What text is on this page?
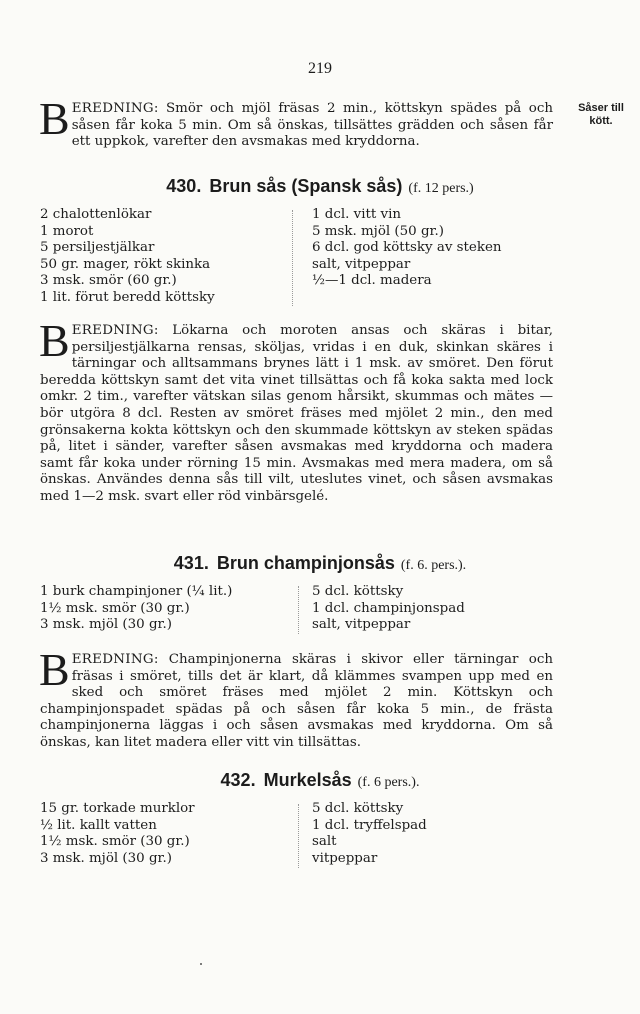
219
Såser till kött.
BEREDNING: Smör och mjöl fräsas 2 min., köttskyn spädes på och såsen får koka 5 min. Om så önskas, tillsättes grädden och såsen får ett uppkok, varefter den avsmakas med kryddorna.
430. Brun sås (Spansk sås) (f. 12 pers.)
2 chalottenlökar
1 morot
5 persiljestjälkar
50 gr. mager, rökt skinka
3 msk. smör (60 gr.)
1 lit. förut beredd köttsky
1 dcl. vitt vin
5 msk. mjöl (50 gr.)
6 dcl. god köttsky av steken
salt, vitpeppar
½—1 dcl. madera
BEREDNING: Lökarna och moroten ansas och skäras i bitar, persiljestjälkarna rensas, sköljas, vridas i en duk, skinkan skäres i tärningar och alltsammans brynes lätt i 1 msk. av smöret. Den förut beredda köttskyn samt det vita vinet tillsättas och få koka sakta med lock omkr. 2 tim., varefter vätskan silas genom hårsikt, skummas och mätes — bör utgöra 8 dcl. Resten av smöret fräses med mjölet 2 min., den med grönsakerna kokta köttskyn och den skummade köttskyn av steken spädas på, litet i sänder, varefter såsen avsmakas med kryddorna och madera samt får koka under rörning 15 min. Avsmakas med mera madera, om så önskas. Användes denna sås till vilt, uteslutes vinet, och såsen avsmakas med 1—2 msk. svart eller röd vinbärsgelé.
431. Brun champinjonsås (f. 6. pers.).
1 burk champinjoner (¼ lit.)
1½ msk. smör (30 gr.)
3 msk. mjöl (30 gr.)
5 dcl. köttsky
1 dcl. champinjonspad
salt, vitpeppar
BEREDNING: Champinjonerna skäras i skivor eller tärningar och fräsas i smöret, tills det är klart, då klämmes svampen upp med en sked och smöret fräses med mjölet 2 min. Köttskyn och champinjonspadet spädas på och såsen får koka 5 min., de frästa champinjonerna läggas i och såsen avsmakas med kryddorna. Om så önskas, kan litet madera eller vitt vin tillsättas.
432. Murkelsås (f. 6 pers.).
15 gr. torkade murklor
½ lit. kallt vatten
1½ msk. smör (30 gr.)
3 msk. mjöl (30 gr.)
5 dcl. köttsky
1 dcl. tryffelspad
salt
vitpeppar
